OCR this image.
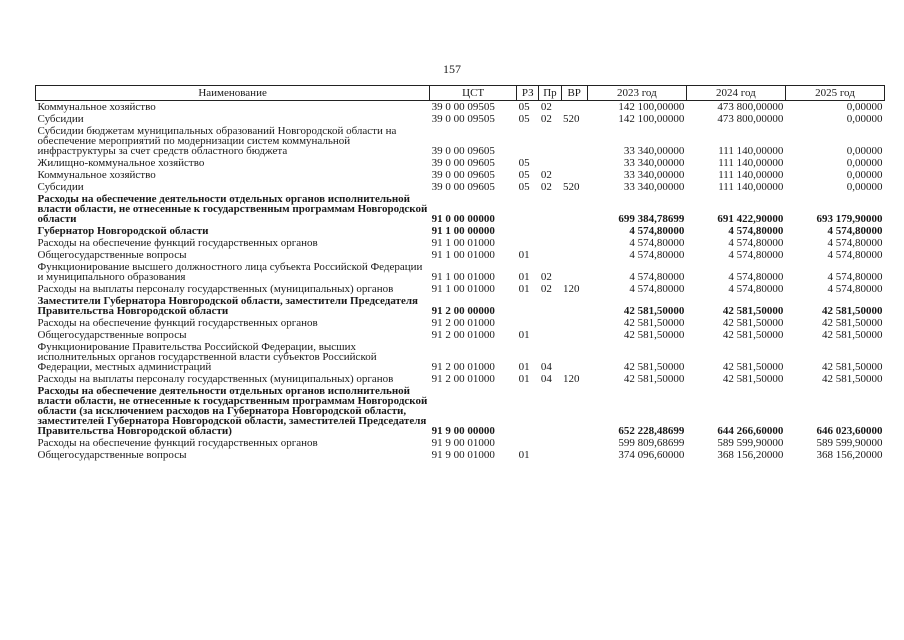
157
Наименование	ЦСТ	РЗ	Пр	ВР	2023 год	2024 год	2025 год
Коммунальное хозяйство	39 0 00 09505	05	02		142 100,00000	473 800,00000	0,00000
Субсидии	39 0 00 09505	05	02	520	142 100,00000	473 800,00000	0,00000
Субсидии бюджетам муниципальных образований Новгородской области на обеспечение мероприятий по модернизации систем коммунальной инфраструктуры за счет средств областного бюджета	39 0 00 09605				33 340,00000	111 140,00000	0,00000
Жилищно-коммунальное хозяйство	39 0 00 09605	05			33 340,00000	111 140,00000	0,00000
Коммунальное хозяйство	39 0 00 09605	05	02		33 340,00000	111 140,00000	0,00000
Субсидии	39 0 00 09605	05	02	520	33 340,00000	111 140,00000	0,00000
Расходы на обеспечение деятельности отдельных органов исполнительной власти области, не отнесенные к государственным программам Новгородской области	91 0 00 00000				699 384,78699	691 422,90000	693 179,90000
Губернатор Новгородской области	91 1 00 00000				4 574,80000	4 574,80000	4 574,80000
Расходы на обеспечение функций государственных органов	91 1 00 01000				4 574,80000	4 574,80000	4 574,80000
Общегосударственные вопросы	91 1 00 01000	01			4 574,80000	4 574,80000	4 574,80000
Функционирование высшего должностного лица субъекта Российской Федерации и муниципального образования	91 1 00 01000	01	02		4 574,80000	4 574,80000	4 574,80000
Расходы на выплаты персоналу государственных (муниципальных) органов	91 1 00 01000	01	02	120	4 574,80000	4 574,80000	4 574,80000
Заместители Губернатора Новгородской области, заместители Председателя Правительства Новгородской области	91 2 00 00000				42 581,50000	42 581,50000	42 581,50000
Расходы на обеспечение функций государственных органов	91 2 00 01000				42 581,50000	42 581,50000	42 581,50000
Общегосударственные вопросы	91 2 00 01000	01			42 581,50000	42 581,50000	42 581,50000
Функционирование Правительства Российской Федерации, высших исполнительных органов государственной власти субъектов Российской Федерации, местных администраций	91 2 00 01000	01	04		42 581,50000	42 581,50000	42 581,50000
Расходы на выплаты персоналу государственных (муниципальных) органов	91 2 00 01000	01	04	120	42 581,50000	42 581,50000	42 581,50000
Расходы на обеспечение деятельности отдельных органов исполнительной власти области, не отнесенные к государственным программам Новгородской области (за исключением расходов на Губернатора Новгородской области, заместителей Губернатора Новгородской области, заместителей Председателя Правительства Новгородской области)	91 9 00 00000				652 228,48699	644 266,60000	646 023,60000
Расходы на обеспечение функций государственных органов	91 9 00 01000				599 809,68699	589 599,90000	589 599,90000
Общегосударственные вопросы	91 9 00 01000	01			374 096,60000	368 156,20000	368 156,20000
